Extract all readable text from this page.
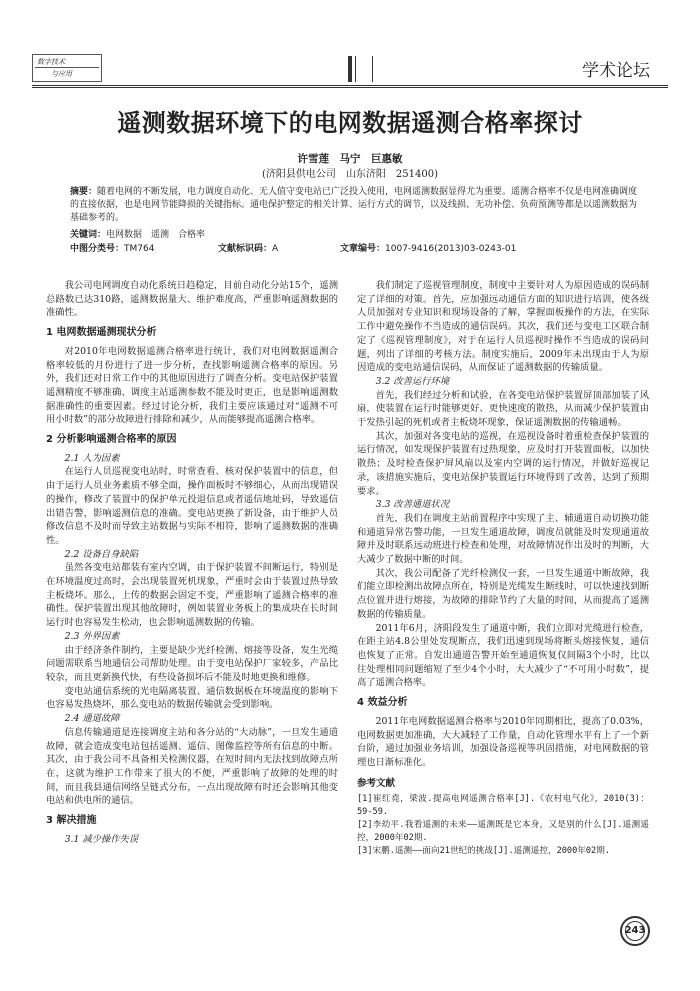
数字技术
与应用	学术论坛
遥测数据环境下的电网数据遥测合格率探讨
许雪莲　马宁　巨惠敏
(济阳县供电公司　山东济阳　251400)
摘要：随着电网的不断发展，电力调度自动化、无人值守变电站已广泛投入使用，电网遥测数据显得尤为重要。遥测合格率不仅是电网准确调度的直接依据，也是电网节能降损的关键指标。通电保护整定的相关计算、运行方式的调节，以及线损、无功补偿、负荷预测等都是以遥测数据为基础参考的。
关键词：电网数据　遥测　合格率
中图分类号：TM764	文献标识码：A	文章编号：1007-9416(2013)03-0243-01

我公司电网调度自动化系统日趋稳定，目前自动化分站15个，遥测总路数已达310路，遥测数据量大、维护难度高，严重影响遥测数据的准确性。

1 电网数据遥测现状分析

对2010年电网数据遥测合格率进行统计，我们对电网数据遥测合格率较低的月份进行了进一步分析，查找影响遥测合格率的原因。另外，我们还对日常工作中的其他原因进行了调查分析。变电站保护装置遥测精度不够准确、调度主站遥测参数不能及时更正，也是影响遥测数据准确性的重要因素。经过讨论分析，我们主要应该通过对“遥测不可用小时数”的部分故障进行排除和减少，从而能够提高遥测合格率。

2 分析影响遥测合格率的原因
2.1 人为因素

在运行人员巡视变电站时，时常查看、核对保护装置中的信息，但由于运行人员业务素质不够全面，操作面板时不够细心，从而出现错误的操作，修改了装置中的保护单元投退信息或者遥信地址码，导致遥信出错告警，影响遥测信息的准确。变电站更换了新设备，由于维护人员修改信息不及时而导致主站数据与实际不相符，影响了遥测数据的准确性。

2.2 设备自身缺陷

虽然各变电站都装有室内空调，由于保护装置不间断运行，特别是在环境温度过高时，会出现装置死机现象，严重时会由于装置过热导致主板烧坏。那么，上传的数据会固定不变，严重影响了遥测合格率的准确性。保护装置出现其他故障时，例如装置业务板上的集成块在长时间运行时也容易发生松动，也会影响遥测数据的传输。

2.3 外界因素

由于经济条件制约，主要是缺少光纤检测、熔接等设备，发生光缆问题需联系当地通信公司帮助处理。由于变电站保护厂家较多，产品比较杂，而且更新换代快，有些设备损坏后不能及时地更换和维修。

变电站通信系统的光电隔离装置、通信数据板在环境温度的影响下也容易发热烧坏，那么变电站的数据传输就会受到影响。

2.4 通道故障

信息传输通道是连接调度主站和各分站的“大动脉”，一旦发生通道故障，就会造成变电站包括遥测、遥信、图像监控等所有信息的中断。其次，由于我公司不具备相关检测仪器，在短时间内无法找到故障点所在，这就为维护工作带来了很大的不便，严重影响了故障的处理的时间，而且我县通信网络呈链式分布，一点出现故障有时还会影响其他变电站和供电所的通信。

3 解决措施
3.1 减少操作失误

我们制定了巡视管理制度，制度中主要针对人为原因造成的误码制定了详细的对策。首先，应加强远动通信方面的知识进行培训，使各级人员加强对专业知识和现场设备的了解，掌握面板操作的方法，在实际工作中避免操作不当造成的通信误码。其次，我们还与变电工区联合制定了《巡视管理制度》，对于在运行人员巡视时操作不当造成的误码问题，列出了详细的考核方法。制度实施后，2009年未出现由于人为原因造成的变电站通信误码，从而保证了遥测数据的传输质量。

3.2 改善运行环境

首先，我们经过分析和试验，在各变电站保护装置屏顶部加装了风扇，使装置在运行时能够更好、更快速度的散热，从而减少保护装置由于发热引起的死机或者主板烧坏现象，保证遥测数据的传输通畅。

其次，加强对各变电站的巡视，在巡视设备时着重检查保护装置的运行情况，如发现保护装置有过热现象，应及时打开装置面板，以加快散热；及时检查保护屏风扇以及室内空调的运行情况，并做好巡视记录，该措施实施后，变电站保护装置运行环境得到了改善，达到了预期要求。

3.3 改善通道状况

首先，我们在调度主站前置程序中实现了主、辅通道自动切换功能和通道异常告警功能，一旦发生通道故障，调度员就能及时发现通道故障并及时联系远动班进行检查和处理，对故障情况作出及时的判断，大大减少了数据中断的时间。

其次，我公司配备了光纤检测仪一套，一旦发生通道中断故障，我们能立即检测出故障点所在，特别是光缆发生断线时，可以快速找到断点位置并进行熔接，为故障的排除节约了大量的时间，从而提高了遥测数据的传输质量。

2011年6月，济阳段发生了通道中断，我们立即对光缆进行检查，在距主站4.8公里处发现断点，我们迅速到现场将断头熔接恢复，通信也恢复了正常。自发出通道告警开始至通道恢复仅间隔3个小时，比以往处理相同问题缩短了至少4个小时，大大减少了“不可用小时数”，提高了遥测合格率。

4 效益分析

2011年电网数据遥测合格率与2010年同期相比，提高了0.03%，电网数据更加准确，大大减轻了工作量，自动化管理水平有上了一个新台阶，通过加强业务培训，加强设备巡视等巩固措施，对电网数据的管理也日渐标准化。

参考文献
[1]崔红堯，梁波.提高电网遥测合格率[J].《农村电气化》，2010(3)：59-59.
[2]李幼平.我看遥测的未来——遥测既是它本身，又是别的什么[J].遥测遥控，2000年02期.
[3]宋鹏.遥测——面向21世纪的挑战[J].遥测遥控，2000年02期.
243
